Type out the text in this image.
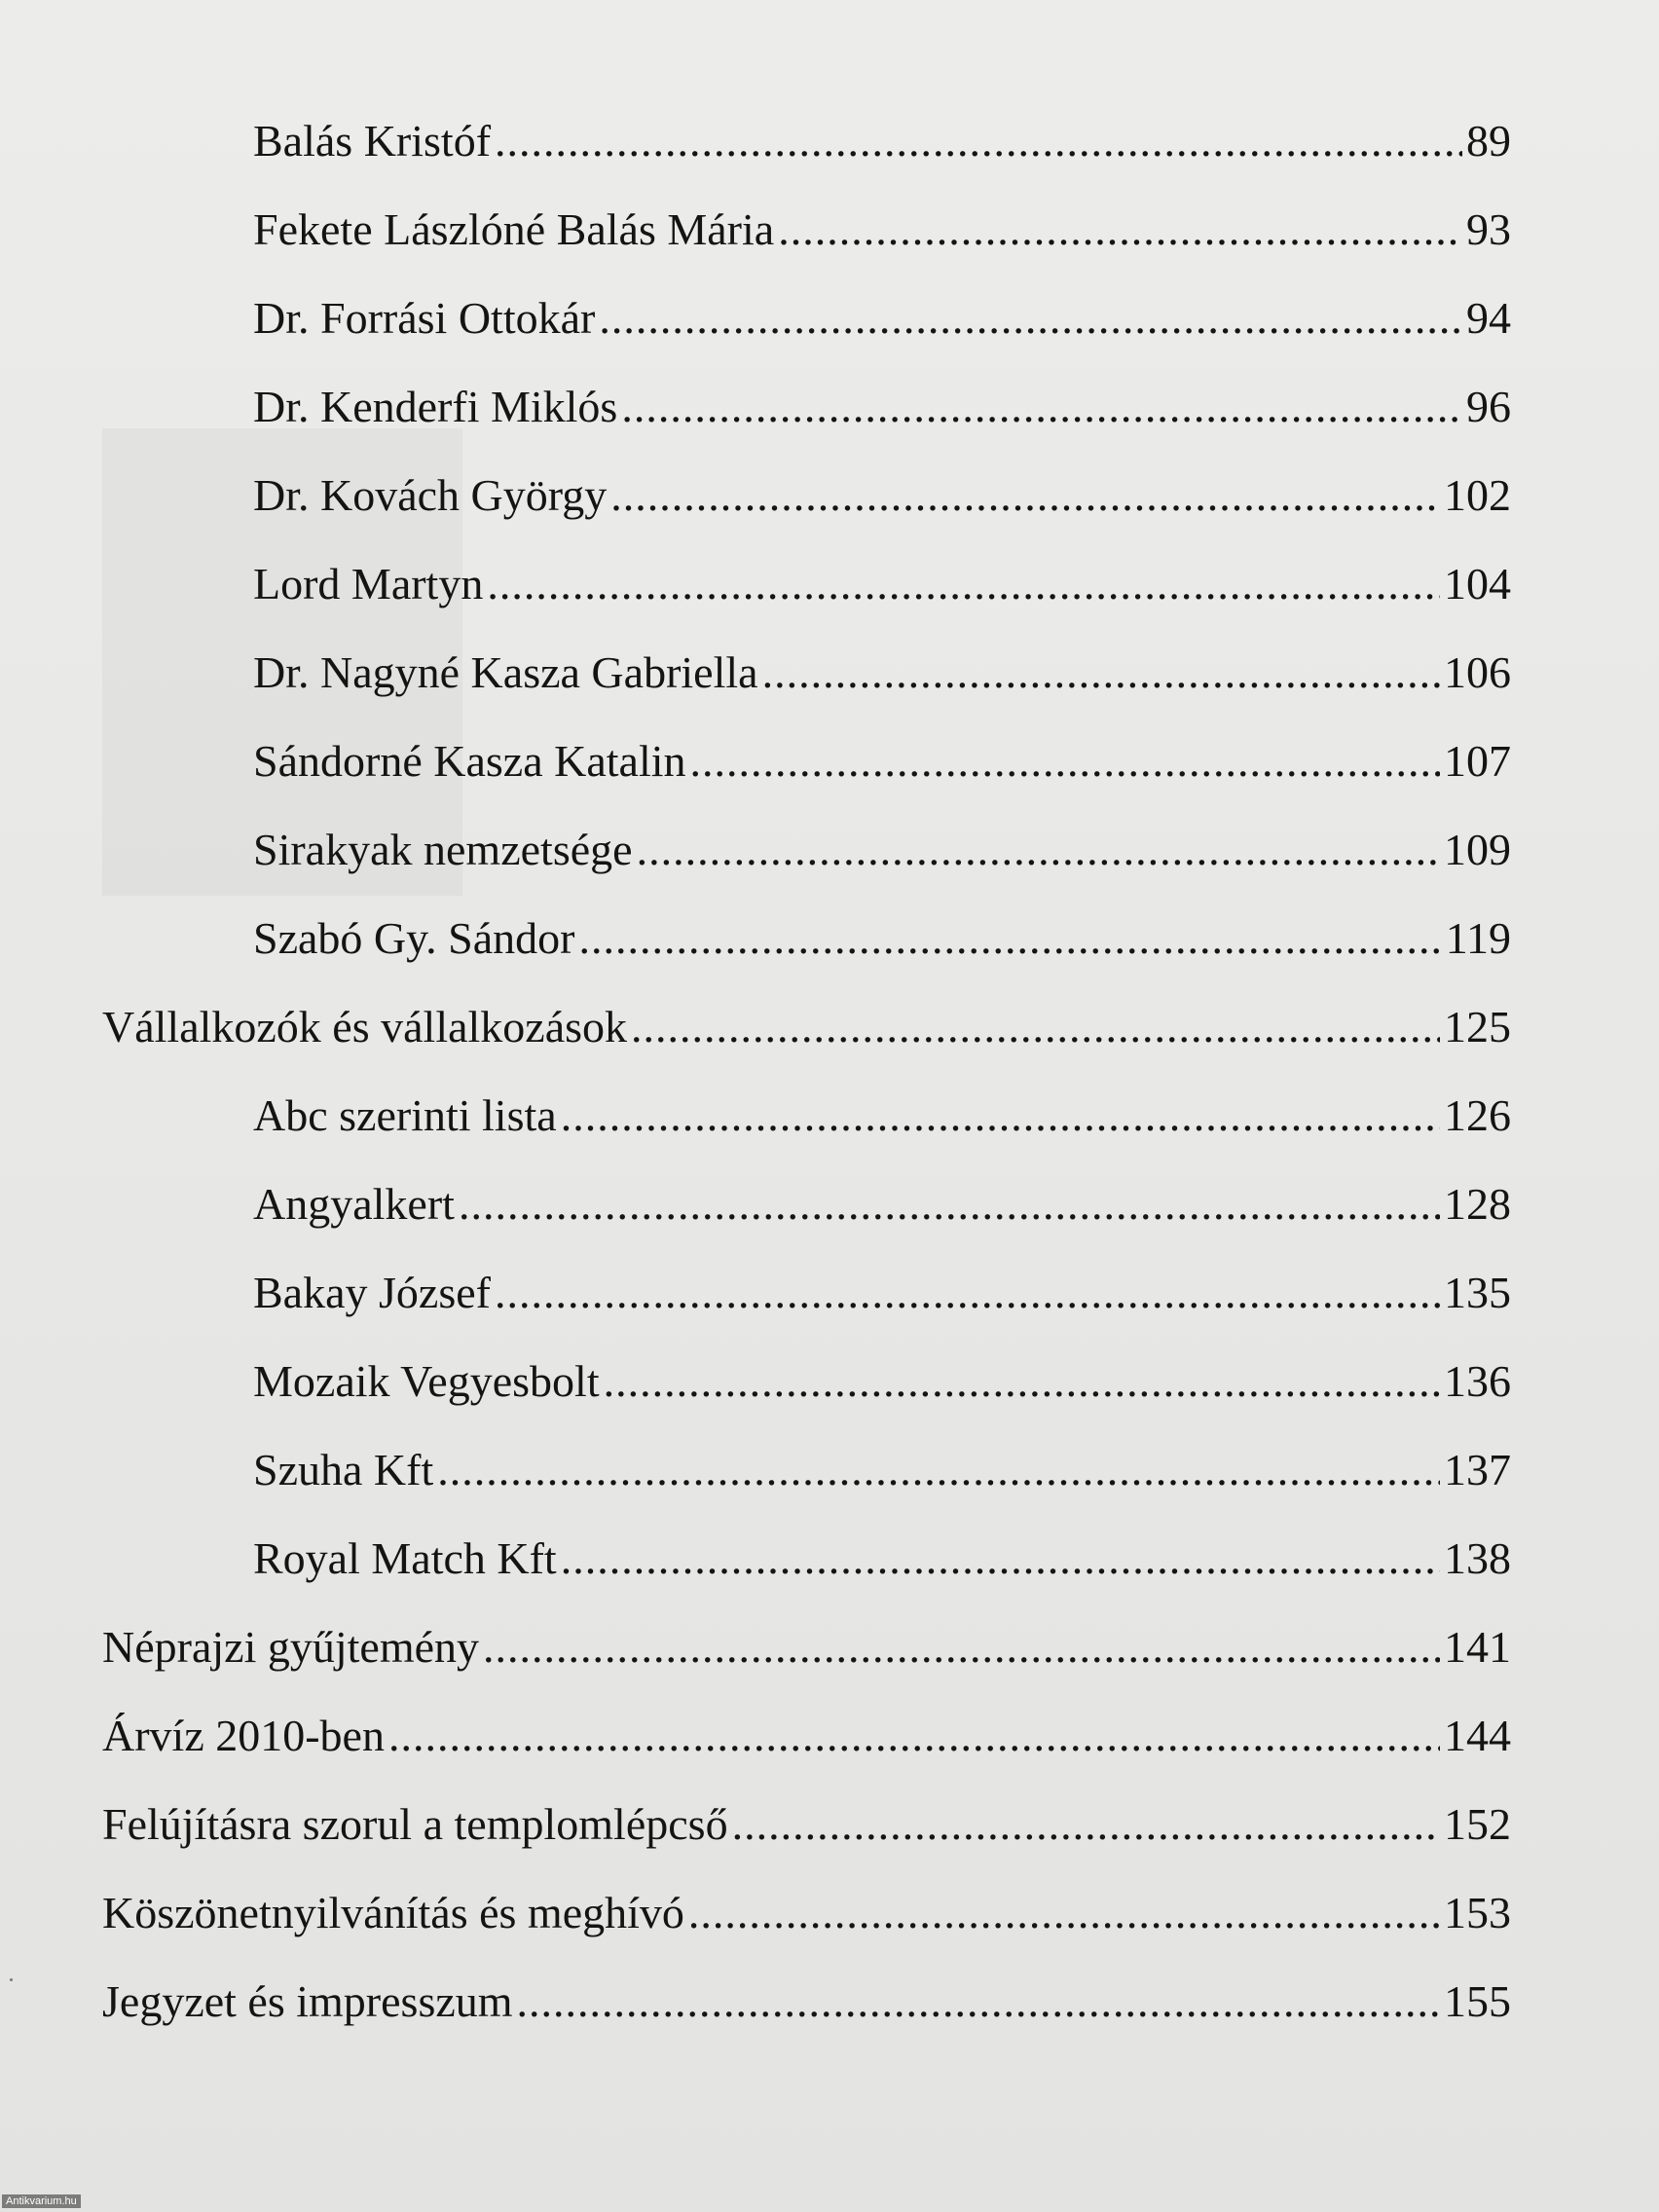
Balás Kristóf .....	89
Fekete Lászlóné Balás Mária .....	93
Dr. Forrási Ottokár .....	94
Dr. Kenderfi Miklós .....	96
Dr. Kovách György .....	102
Lord Martyn .....	104
Dr. Nagyné Kasza Gabriella .....	106
Sándorné Kasza Katalin .....	107
Sirakyak nemzetsége .....	109
Szabó Gy. Sándor .....	119
Vállalkozók és vállalkozások .....	125
Abc szerinti lista .....	126
Angyalkert .....	128
Bakay József .....	135
Mozaik Vegyesbolt .....	136
Szuha Kft .....	137
Royal Match Kft .....	138
Néprajzi gyűjtemény .....	141
Árvíz 2010-ben .....	144
Felújításra szorul a templomlépcső .....	152
Köszönetnyilvánítás és meghívó .....	153
Jegyzet és impresszum .....	155
Antikvarium.hu
